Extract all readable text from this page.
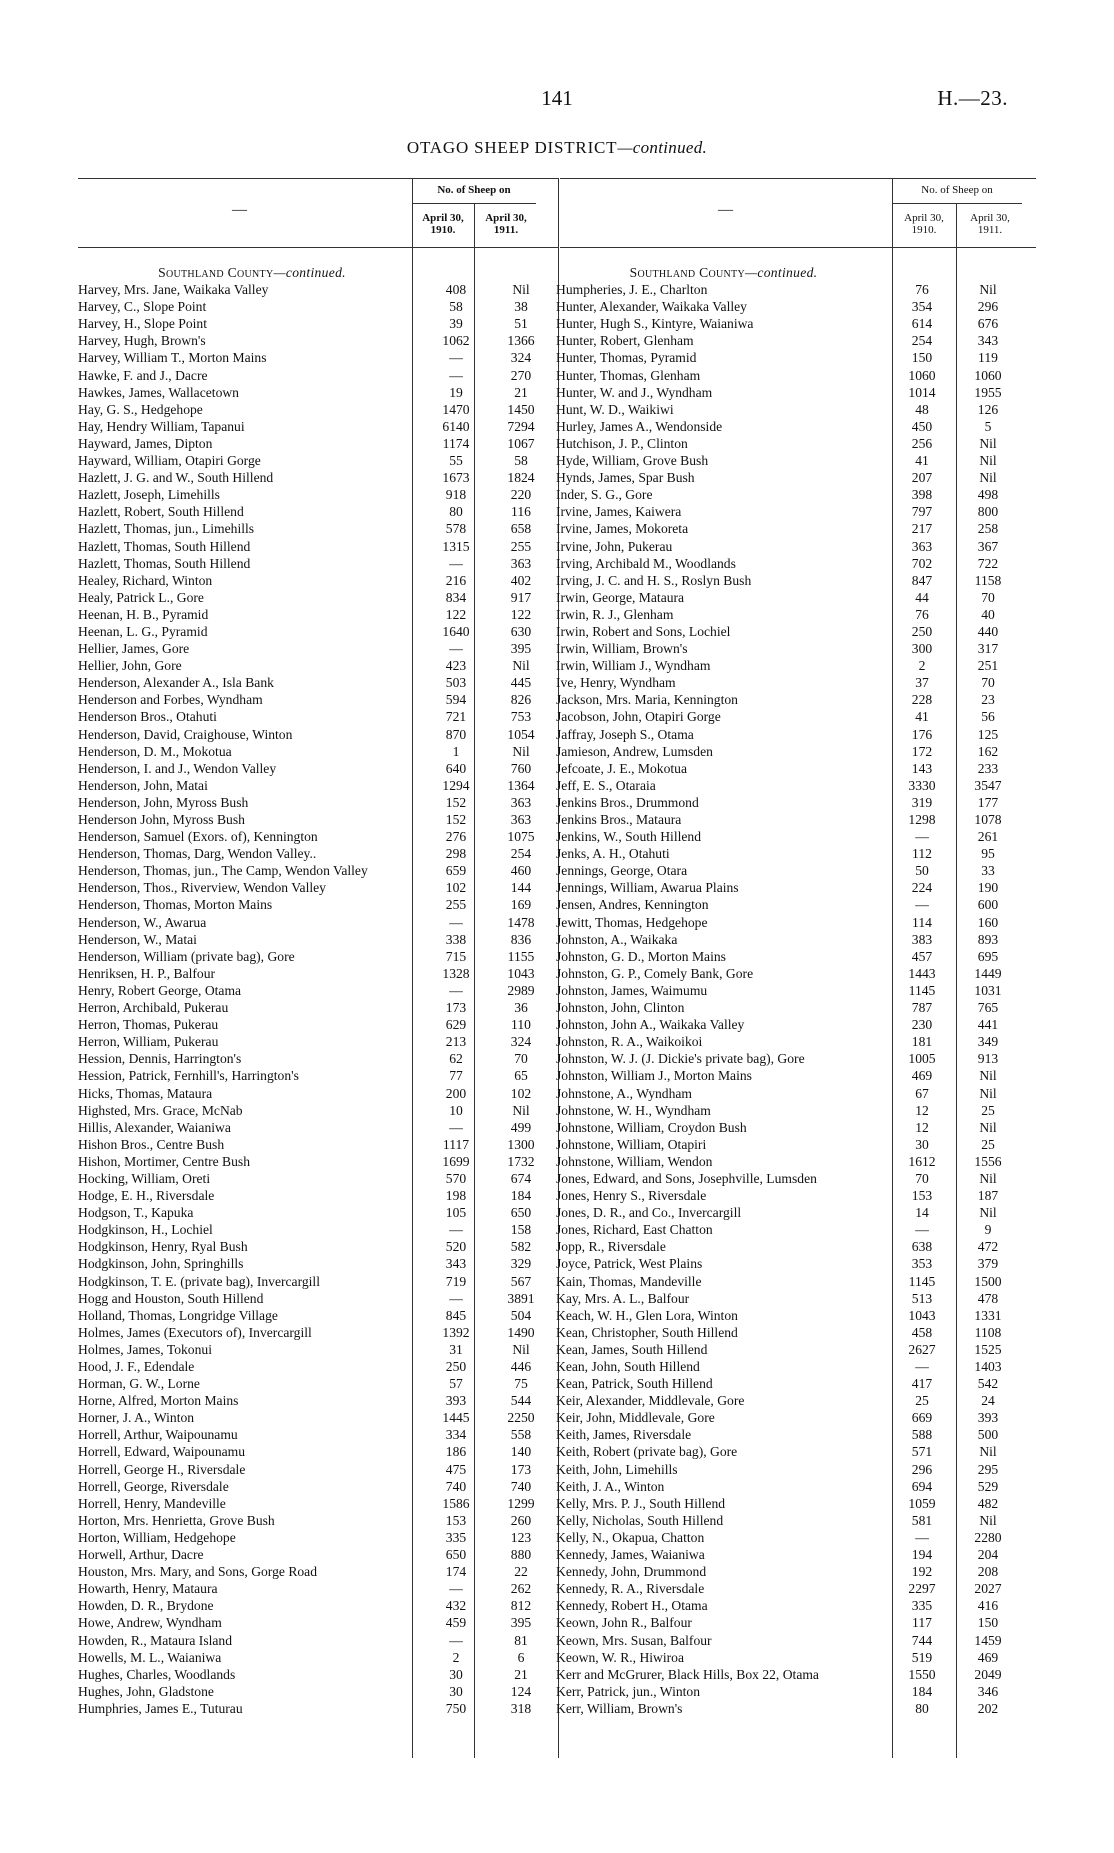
141	H.—23.
OTAGO SHEEP DISTRICT—continued.
—
No. of Sheep on
April 30, 1910.
April 30, 1911.
—
No. of Sheep on
April 30, 1910.
April 30, 1911.
Southland County—continued.
Harvey, Mrs. Jane, Waikaka Valley	408	Nil
Harvey, C., Slope Point	58	38
Harvey, H., Slope Point	39	51
Harvey, Hugh, Brown's	1062	1366
Harvey, William T., Morton Mains	—	324
Hawke, F. and J., Dacre	—	270
Hawkes, James, Wallacetown	19	21
Hay, G. S., Hedgehope	1470	1450
Hay, Hendry William, Tapanui	6140	7294
Hayward, James, Dipton	1174	1067
Hayward, William, Otapiri Gorge	55	58
Hazlett, J. G. and W., South Hillend	1673	1824
Hazlett, Joseph, Limehills	918	220
Hazlett, Robert, South Hillend	80	116
Hazlett, Thomas, jun., Limehills	578	658
Hazlett, Thomas, South Hillend	1315	255
Hazlett, Thomas, South Hillend	—	363
Healey, Richard, Winton	216	402
Healy, Patrick L., Gore	834	917
Heenan, H. B., Pyramid	122	122
Heenan, L. G., Pyramid	1640	630
Hellier, James, Gore	—	395
Hellier, John, Gore	423	Nil
Henderson, Alexander A., Isla Bank	503	445
Henderson and Forbes, Wyndham	594	826
Henderson Bros., Otahuti	721	753
Henderson, David, Craighouse, Winton	870	1054
Henderson, D. M., Mokotua	1	Nil
Henderson, I. and J., Wendon Valley	640	760
Henderson, John, Matai	1294	1364
Henderson, John, Myross Bush	152	363
Henderson John, Myross Bush	152	363
Henderson, Samuel (Exors. of), Kennington	276	1075
Henderson, Thomas, Darg, Wendon Valley..	298	254
Henderson, Thomas, jun., The Camp, Wendon Valley	659	460
Henderson, Thos., Riverview, Wendon Valley	102	144
Henderson, Thomas, Morton Mains	255	169
Henderson, W., Awarua	—	1478
Henderson, W., Matai	338	836
Henderson, William (private bag), Gore	715	1155
Henriksen, H. P., Balfour	1328	1043
Henry, Robert George, Otama	—	2989
Herron, Archibald, Pukerau	173	36
Herron, Thomas, Pukerau	629	110
Herron, William, Pukerau	213	324
Hession, Dennis, Harrington's	62	70
Hession, Patrick, Fernhill's, Harrington's	77	65
Hicks, Thomas, Mataura	200	102
Highsted, Mrs. Grace, McNab	10	Nil
Hillis, Alexander, Waianiwa	—	499
Hishon Bros., Centre Bush	1117	1300
Hishon, Mortimer, Centre Bush	1699	1732
Hocking, William, Oreti	570	674
Hodge, E. H., Riversdale	198	184
Hodgson, T., Kapuka	105	650
Hodgkinson, H., Lochiel	—	158
Hodgkinson, Henry, Ryal Bush	520	582
Hodgkinson, John, Springhills	343	329
Hodgkinson, T. E. (private bag), Invercargill	719	567
Hogg and Houston, South Hillend	—	3891
Holland, Thomas, Longridge Village	845	504
Holmes, James (Executors of), Invercargill	1392	1490
Holmes, James, Tokonui	31	Nil
Hood, J. F., Edendale	250	446
Horman, G. W., Lorne	57	75
Horne, Alfred, Morton Mains	393	544
Horner, J. A., Winton	1445	2250
Horrell, Arthur, Waipounamu	334	558
Horrell, Edward, Waipounamu	186	140
Horrell, George H., Riversdale	475	173
Horrell, George, Riversdale	740	740
Horrell, Henry, Mandeville	1586	1299
Horton, Mrs. Henrietta, Grove Bush	153	260
Horton, William, Hedgehope	335	123
Horwell, Arthur, Dacre	650	880
Houston, Mrs. Mary, and Sons, Gorge Road	174	22
Howarth, Henry, Mataura	—	262
Howden, D. R., Brydone	432	812
Howe, Andrew, Wyndham	459	395
Howden, R., Mataura Island	—	81
Howells, M. L., Waianiwa	2	6
Hughes, Charles, Woodlands	30	21
Hughes, John, Gladstone	30	124
Humphries, James E., Tuturau	750	318
Southland County—continued.
Humpheries, J. E., Charlton	76	Nil
Hunter, Alexander, Waikaka Valley	354	296
Hunter, Hugh S., Kintyre, Waianiwa	614	676
Hunter, Robert, Glenham	254	343
Hunter, Thomas, Pyramid	150	119
Hunter, Thomas, Glenham	1060	1060
Hunter, W. and J., Wyndham	1014	1955
Hunt, W. D., Waikiwi	48	126
Hurley, James A., Wendonside	450	5
Hutchison, J. P., Clinton	256	Nil
Hyde, William, Grove Bush	41	Nil
Hynds, James, Spar Bush	207	Nil
Inder, S. G., Gore	398	498
Irvine, James, Kaiwera	797	800
Irvine, James, Mokoreta	217	258
Irvine, John, Pukerau	363	367
Irving, Archibald M., Woodlands	702	722
Irving, J. C. and H. S., Roslyn Bush	847	1158
Irwin, George, Mataura	44	70
Irwin, R. J., Glenham	76	40
Irwin, Robert and Sons, Lochiel	250	440
Irwin, William, Brown's	300	317
Irwin, William J., Wyndham	2	251
Ive, Henry, Wyndham	37	70
Jackson, Mrs. Maria, Kennington	228	23
Jacobson, John, Otapiri Gorge	41	56
Jaffray, Joseph S., Otama	176	125
Jamieson, Andrew, Lumsden	172	162
Jefcoate, J. E., Mokotua	143	233
Jeff, E. S., Otaraia	3330	3547
Jenkins Bros., Drummond	319	177
Jenkins Bros., Mataura	1298	1078
Jenkins, W., South Hillend	—	261
Jenks, A. H., Otahuti	112	95
Jennings, George, Otara	50	33
Jennings, William, Awarua Plains	224	190
Jensen, Andres, Kennington	—	600
Jewitt, Thomas, Hedgehope	114	160
Johnston, A., Waikaka	383	893
Johnston, G. D., Morton Mains	457	695
Johnston, G. P., Comely Bank, Gore	1443	1449
Johnston, James, Waimumu	1145	1031
Johnston, John, Clinton	787	765
Johnston, John A., Waikaka Valley	230	441
Johnston, R. A., Waikoikoi	181	349
Johnston, W. J. (J. Dickie's private bag), Gore	1005	913
Johnston, William J., Morton Mains	469	Nil
Johnstone, A., Wyndham	67	Nil
Johnstone, W. H., Wyndham	12	25
Johnstone, William, Croydon Bush	12	Nil
Johnstone, William, Otapiri	30	25
Johnstone, William, Wendon	1612	1556
Jones, Edward, and Sons, Josephville, Lumsden	70	Nil
Jones, Henry S., Riversdale	153	187
Jones, D. R., and Co., Invercargill	14	Nil
Jones, Richard, East Chatton	—	9
Jopp, R., Riversdale	638	472
Joyce, Patrick, West Plains	353	379
Kain, Thomas, Mandeville	1145	1500
Kay, Mrs. A. L., Balfour	513	478
Keach, W. H., Glen Lora, Winton	1043	1331
Kean, Christopher, South Hillend	458	1108
Kean, James, South Hillend	2627	1525
Kean, John, South Hillend	—	1403
Kean, Patrick, South Hillend	417	542
Keir, Alexander, Middlevale, Gore	25	24
Keir, John, Middlevale, Gore	669	393
Keith, James, Riversdale	588	500
Keith, Robert (private bag), Gore	571	Nil
Keith, John, Limehills	296	295
Keith, J. A., Winton	694	529
Kelly, Mrs. P. J., South Hillend	1059	482
Kelly, Nicholas, South Hillend	581	Nil
Kelly, N., Okapua, Chatton	—	2280
Kennedy, James, Waianiwa	194	204
Kennedy, John, Drummond	192	208
Kennedy, R. A., Riversdale	2297	2027
Kennedy, Robert H., Otama	335	416
Keown, John R., Balfour	117	150
Keown, Mrs. Susan, Balfour	744	1459
Keown, W. R., Hiwiroa	519	469
Kerr and McGrurer, Black Hills, Box 22, Otama	1550	2049
Kerr, Patrick, jun., Winton	184	346
Kerr, William, Brown's	80	202
